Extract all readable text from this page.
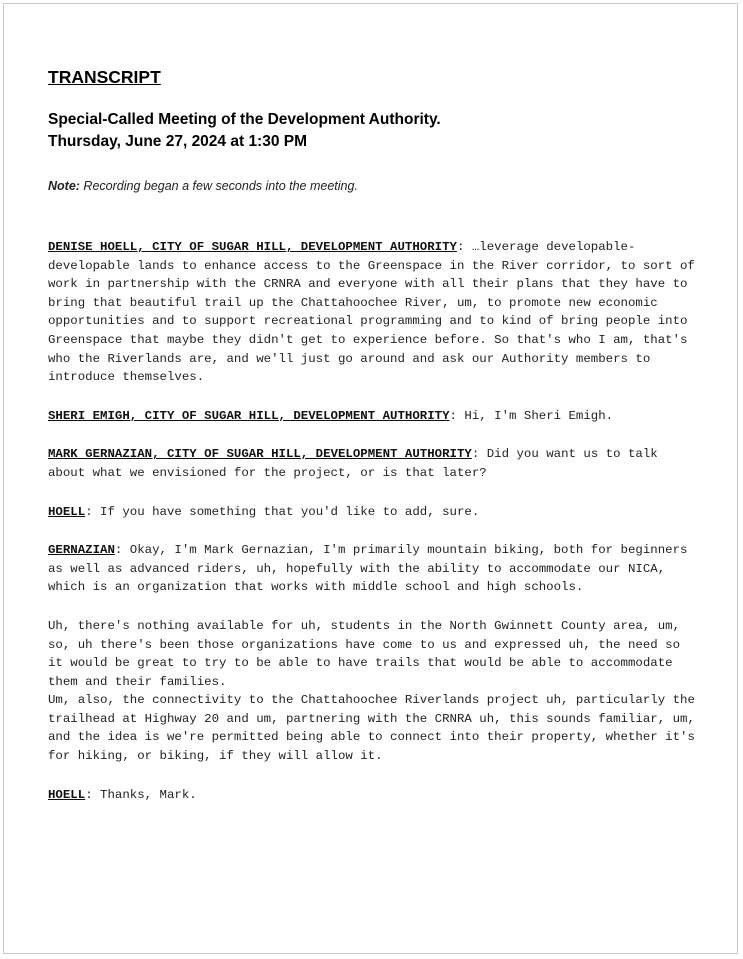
TRANSCRIPT
Special-Called Meeting of the Development Authority.
Thursday, June 27, 2024 at 1:30 PM
Note: Recording began a few seconds into the meeting.

DENISE HOELL, CITY OF SUGAR HILL, DEVELOPMENT AUTHORITY: …leverage developable-developable lands to enhance access to the Greenspace in the River corridor, to sort of work in partnership with the CRNRA and everyone with all their plans that they have to bring that beautiful trail up the Chattahoochee River, um, to promote new economic opportunities and to support recreational programming and to kind of bring people into Greenspace that maybe they didn't get to experience before. So that's who I am, that's who the Riverlands are, and we'll just go around and ask our Authority members to introduce themselves.

SHERI EMIGH, CITY OF SUGAR HILL, DEVELOPMENT AUTHORITY: Hi, I'm Sheri Emigh.

MARK GERNAZIAN, CITY OF SUGAR HILL, DEVELOPMENT AUTHORITY: Did you want us to talk about what we envisioned for the project, or is that later?

HOELL: If you have something that you'd like to add, sure.

GERNAZIAN: Okay, I'm Mark Gernazian, I'm primarily mountain biking, both for beginners as well as advanced riders, uh, hopefully with the ability to accommodate our NICA, which is an organization that works with middle school and high schools.

Uh, there's nothing available for uh, students in the North Gwinnett County area, um, so, uh there's been those organizations have come to us and expressed uh, the need so it would be great to try to be able to have trails that would be able to accommodate them and their families.

Um, also, the connectivity to the Chattahoochee Riverlands project uh, particularly the trailhead at Highway 20 and um, partnering with the CRNRA uh, this sounds familiar, um, and the idea is we're permitted being able to connect into their property, whether it's for hiking, or biking, if they will allow it.

HOELL: Thanks, Mark.
